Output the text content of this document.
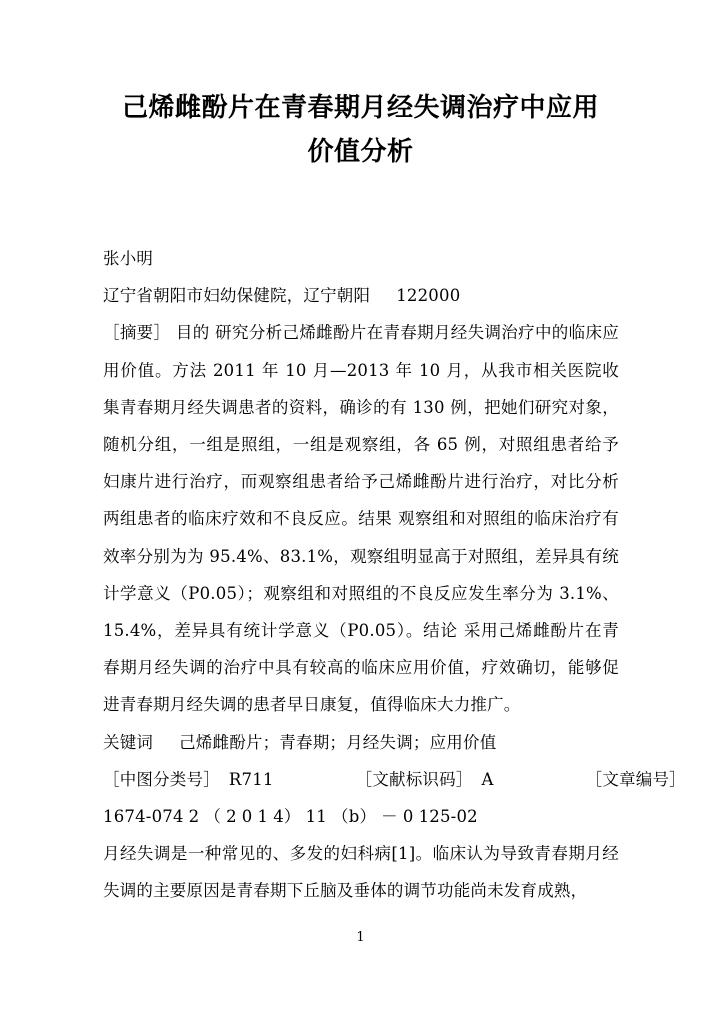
己烯雌酚片在青春期月经失调治疗中应用
价值分析

张小明

辽宁省朝阳市妇幼保健院，辽宁朝阳 122000

［摘要］ 目的 研究分析己烯雌酚片在青春期月经失调治疗中的临床应用价值。方法 2011 年 10 月—2013 年 10 月，从我市相关医院收集青春期月经失调患者的资料，确诊的有 130 例，把她们研究对象，随机分组，一组是照组，一组是观察组，各 65 例，对照组患者给予妇康片进行治疗，而观察组患者给予己烯雌酚片进行治疗，对比分析两组患者的临床疗效和不良反应。结果 观察组和对照组的临床治疗有效率分别为为 95.4%、83.1%，观察组明显高于对照组，差异具有统计学意义（P0.05）；观察组和对照组的不良反应发生率分为 3.1%、15.4%，差异具有统计学意义（P0.05）。结论 采用己烯雌酚片在青春期月经失调的治疗中具有较高的临床应用价值，疗效确切，能够促进青春期月经失调的患者早日康复，值得临床大力推广。

关键词 己烯雌酚片；青春期；月经失调；应用价值

［中图分类号］ R711	［文献标识码］ A	［文章编号］
1674-074 2 （ 2 0 1 4） 11 （b） － 0 125-02

月经失调是一种常见的、多发的妇科病[1]。临床认为导致青春期月经失调的主要原因是青春期下丘脑及垂体的调节功能尚未发育成熟，

1
